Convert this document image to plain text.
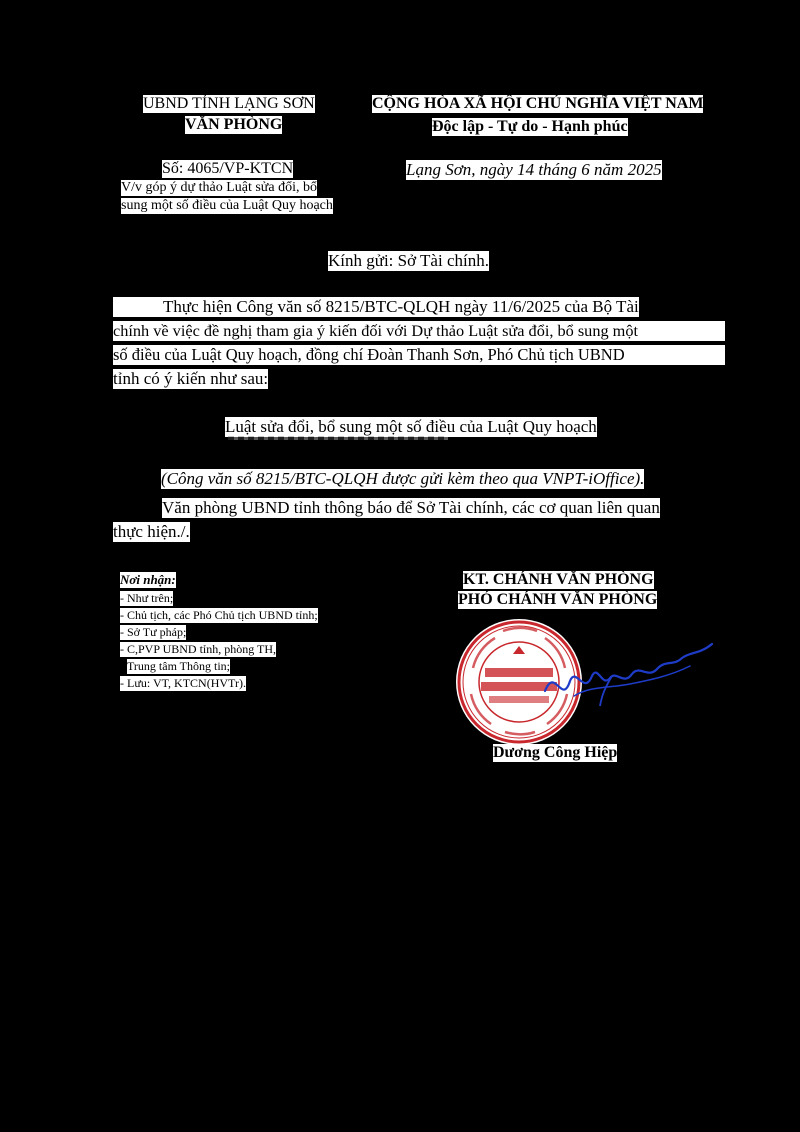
UBND TỈNH LẠNG SƠN
VĂN PHÒNG
CỘNG HÒA XÃ HỘI CHỦ NGHĨA VIỆT NAM
Độc lập - Tự do - Hạnh phúc
Số: 4065/VP-KTCN
V/v góp ý dự thảo Luật sửa đổi, bổ
sung một số điều của Luật Quy hoạch
Lạng Sơn, ngày 14 tháng 6 năm 2025
Kính gửi: Sở Tài chính.
Thực hiện Công văn số 8215/BTC-QLQH ngày 11/6/2025 của Bộ Tài
chính về việc đề nghị tham gia ý kiến đối với Dự thảo Luật sửa đổi, bổ sung một
số điều của Luật Quy hoạch, đồng chí Đoàn Thanh Sơn, Phó Chủ tịch UBND
tỉnh có ý kiến như sau:
Luật sửa đổi, bổ sung một số điều của Luật Quy hoạch
(Công văn số 8215/BTC-QLQH được gửi kèm theo qua VNPT-iOffice).
Văn phòng UBND tỉnh thông báo để Sở Tài chính, các cơ quan liên quan
thực hiện./.
Nơi nhận:
- Như trên;
- Chủ tịch, các Phó Chủ tịch UBND tỉnh;
- Sở Tư pháp;
- C,PVP UBND tỉnh, phòng TH,
Trung tâm Thông tin;
- Lưu: VT, KTCN(HVTr).
KT. CHÁNH VĂN PHÒNG
PHÓ CHÁNH VĂN PHÒNG
Dương Công Hiệp
